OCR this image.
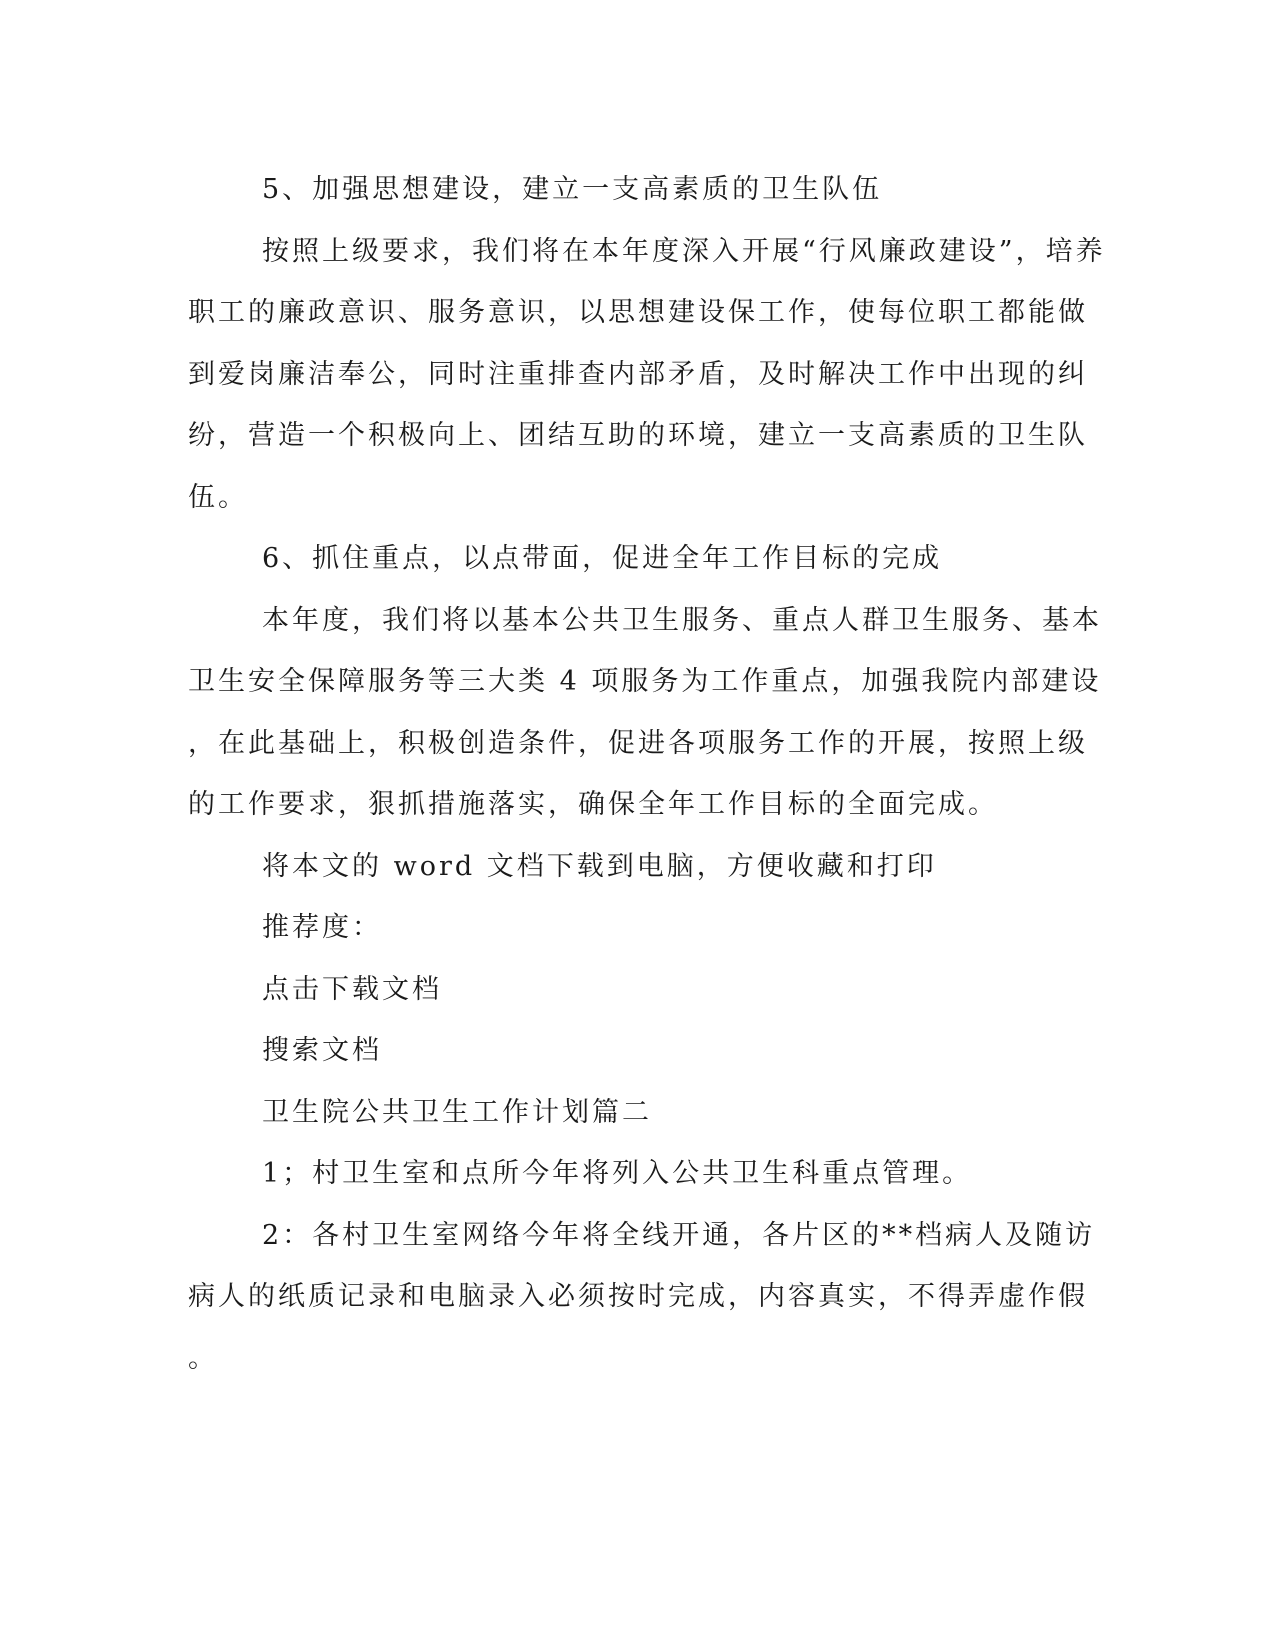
5、加强思想建设，建立一支高素质的卫生队伍
按照上级要求，我们将在本年度深入开展“行风廉政建设”，培养
职工的廉政意识、服务意识，以思想建设保工作，使每位职工都能做
到爱岗廉洁奉公，同时注重排查内部矛盾，及时解决工作中出现的纠
纷，营造一个积极向上、团结互助的环境，建立一支高素质的卫生队
伍。
6、抓住重点，以点带面，促进全年工作目标的完成
本年度，我们将以基本公共卫生服务、重点人群卫生服务、基本
卫生安全保障服务等三大类 4 项服务为工作重点，加强我院内部建设
，在此基础上，积极创造条件，促进各项服务工作的开展，按照上级
的工作要求，狠抓措施落实，确保全年工作目标的全面完成。
将本文的 word 文档下载到电脑，方便收藏和打印
推荐度：
点击下载文档
搜索文档
卫生院公共卫生工作计划篇二
1；村卫生室和点所今年将列入公共卫生科重点管理。
2：各村卫生室网络今年将全线开通，各片区的**档病人及随访
病人的纸质记录和电脑录入必须按时完成，内容真实，不得弄虚作假
。
